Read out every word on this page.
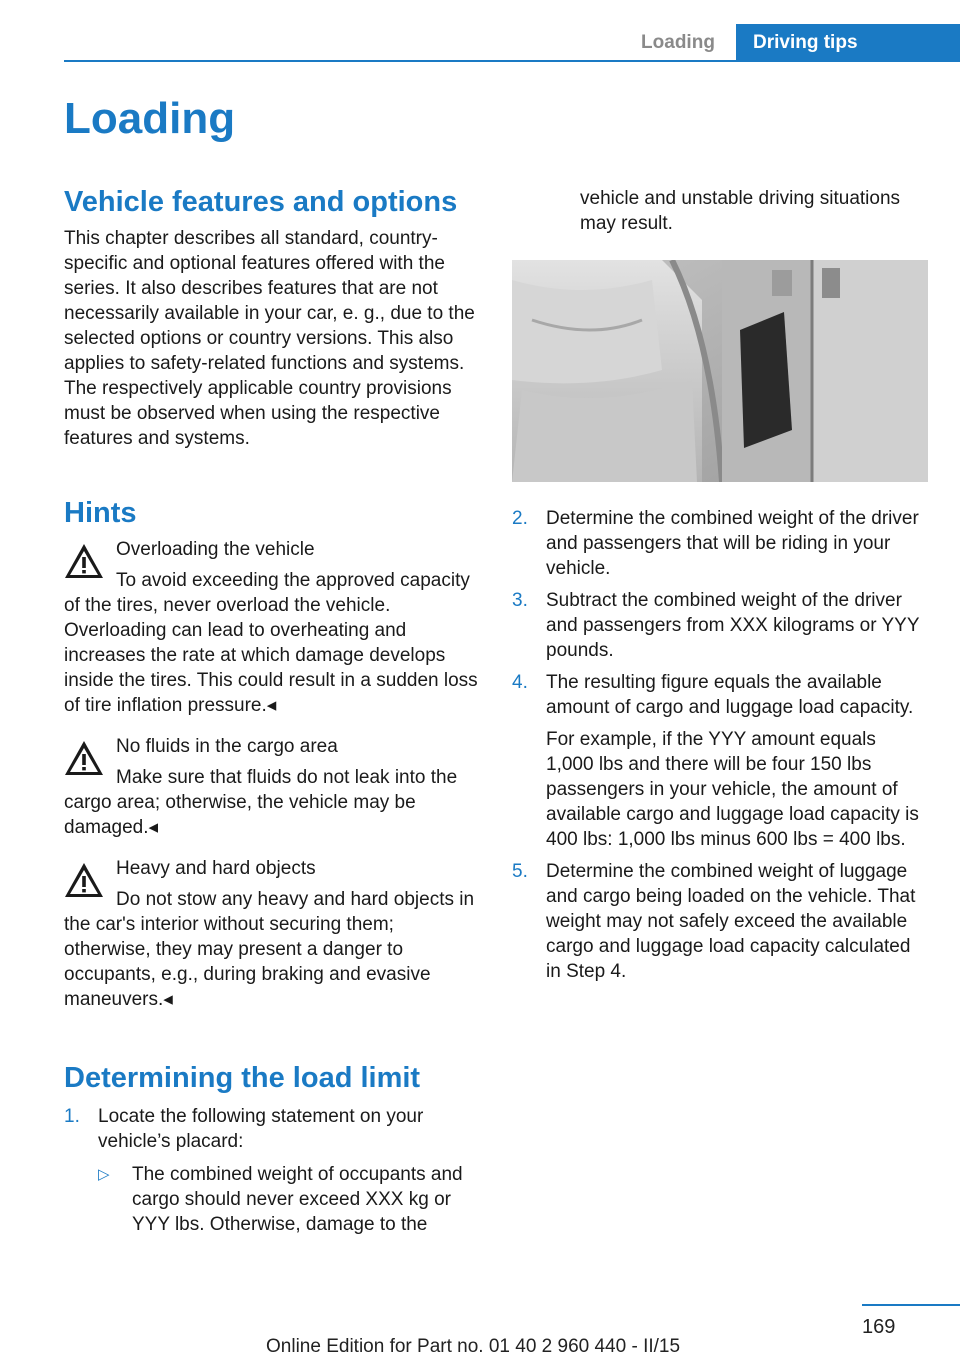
Loading	Driving tips
Loading
Vehicle features and options

This chapter describes all standard, country-specific and optional features offered with the series. It also describes features that are not necessarily available in your car, e. g., due to the selected options or country versions. This also applies to safety-related functions and systems. The respectively applicable country provisions must be observed when using the respective features and systems.

Hints

Overloading the vehicle

To avoid exceeding the approved capacity of the tires, never overload the vehicle. Overloading can lead to overheating and increases the rate at which damage develops inside the tires. This could result in a sudden loss of tire inflation pressure.◂

No fluids in the cargo area

Make sure that fluids do not leak into the cargo area; otherwise, the vehicle may be damaged.◂

Heavy and hard objects

Do not stow any heavy and hard objects in the car's interior without securing them; otherwise, they may present a danger to occupants, e.g., during braking and evasive maneuvers.◂

Determining the load limit
1. Locate the following statement on your vehicle’s placard:

▷ The combined weight of occupants and cargo should never exceed XXX kg or YYY lbs. Otherwise, damage to the

vehicle and unstable driving situations may result.

2. Determine the combined weight of the driver and passengers that will be riding in your vehicle.

3. Subtract the combined weight of the driver and passengers from XXX kilograms or YYY pounds.

4. The resulting figure equals the available amount of cargo and luggage load capacity.

For example, if the YYY amount equals 1,000 lbs and there will be four 150 lbs passengers in your vehicle, the amount of available cargo and luggage load capacity is 400 lbs: 1,000 lbs minus 600 lbs = 400 lbs.

5. Determine the combined weight of luggage and cargo being loaded on the vehicle. That weight may not safely exceed the available cargo and luggage load capacity calculated in Step 4.

169
Online Edition for Part no. 01 40 2 960 440 - II/15
